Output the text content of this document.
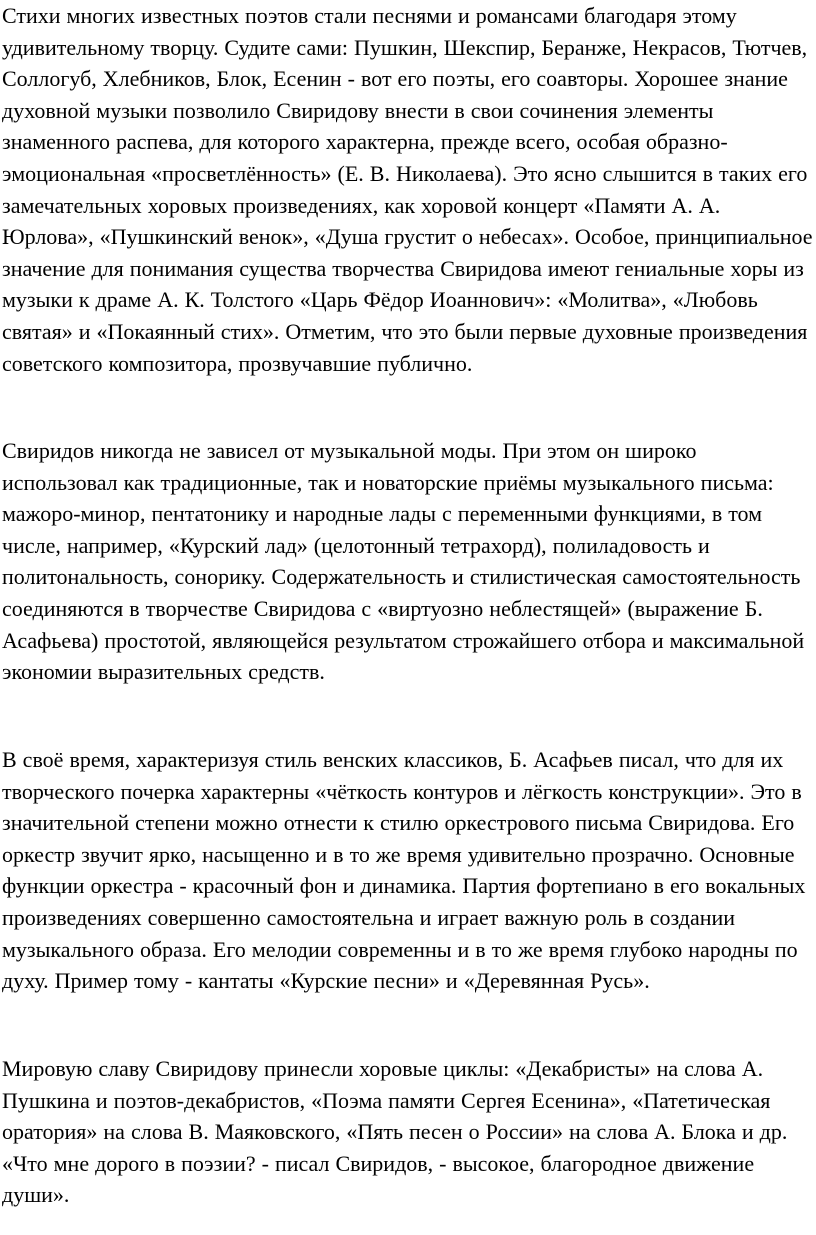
Стихи многих известных поэтов стали песнями и романсами благодаря этому удивительному творцу. Судите сами: Пушкин, Шекспир, Беранже, Некрасов, Тютчев, Соллогуб, Хлебников, Блок, Есенин - вот его поэты, его соавторы. Хорошее знание духовной музыки позволило Свиридову внести в свои сочинения элементы знаменного распева, для которого характерна, прежде всего, особая образно-эмоциональная «просветлённость» (Е. В. Николаева). Это ясно слышится в таких его замечательных хоровых произведениях, как хоровой концерт «Памяти А. А. Юрлова», «Пушкинский венок», «Душа грустит о небесах». Особое, принципиальное значение для понимания существа творчества Свиридова имеют гениальные хоры из музыки к драме А. К. Толстого «Царь Фёдор Иоаннович»: «Молитва», «Любовь святая» и «Покаянный стих». Отметим, что это были первые духовные произведения советского композитора, прозвучавшие публично.

Свиридов никогда не зависел от музыкальной моды. При этом он широко использовал как традиционные, так и новаторские приёмы музыкального письма: мажоро-минор, пентатонику и народные лады с переменными функциями, в том числе, например, «Курский лад» (целотонный тетрахорд), полиладовость и политональность, сонорику. Содержательность и стилистическая самостоятельность соединяются в творчестве Свиридова с «виртуозно неблестящей» (выражение Б. Асафьева) простотой, являющейся результатом строжайшего отбора и максимальной экономии выразительных средств.

В своё время, характеризуя стиль венских классиков, Б. Асафьев писал, что для их творческого почерка характерны «чёткость контуров и лёгкость конструкции». Это в значительной степени можно отнести к стилю оркестрового письма Свиридова. Его оркестр звучит ярко, насыщенно и в то же время удивительно прозрачно. Основные функции оркестра - красочный фон и динамика. Партия фортепиано в его вокальных произведениях совершенно самостоятельна и играет важную роль в создании музыкального образа. Его мелодии современны и в то же время глубоко народны по духу. Пример тому - кантаты «Курские песни» и «Деревянная Русь».

Мировую славу Свиридову принесли хоровые циклы: «Декабристы» на слова А. Пушкина и поэтов-декабристов, «Поэма памяти Сергея Есенина», «Патетическая оратория» на слова В. Маяковского, «Пять песен о России» на слова А. Блока и др. «Что мне дорого в поэзии? - писал Свиридов, - высокое, благородное движение души».
